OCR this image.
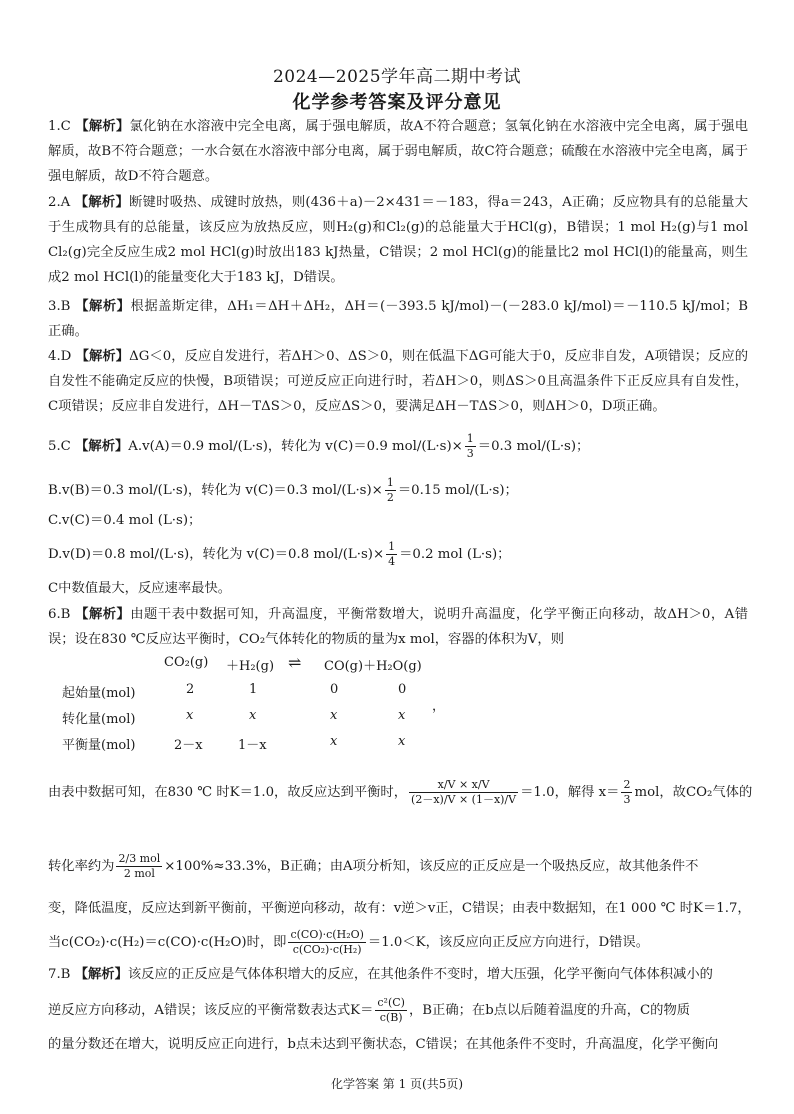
2024—2025学年高二期中考试
化学参考答案及评分意见
1.C 【解析】氯化钠在水溶液中完全电离，属于强电解质，故A不符合题意；氢氧化钠在水溶液中完全电离，属于强电解质，故B不符合题意；一水合氨在水溶液中部分电离，属于弱电解质，故C符合题意；硫酸在水溶液中完全电离，属于强电解质，故D不符合题意。
2.A 【解析】断键时吸热、成键时放热，则(436＋a)－2×431＝－183，得a＝243，A正确；反应物具有的总能量大于生成物具有的总能量，该反应为放热反应，则H₂(g)和Cl₂(g)的总能量大于HCl(g)，B错误；1 mol H₂(g)与1 mol Cl₂(g)完全反应生成2 mol HCl(g)时放出183 kJ热量，C错误；2 mol HCl(g)的能量比2 mol HCl(l)的能量高，则生成2 mol HCl(l)的能量变化大于183 kJ，D错误。
3.B 【解析】根据盖斯定律，ΔH₁＝ΔH＋ΔH₂，ΔH＝(－393.5 kJ/mol)－(－283.0 kJ/mol)＝－110.5 kJ/mol；B正确。
4.D 【解析】ΔG＜0，反应自发进行，若ΔH＞0、ΔS＞0，则在低温下ΔG可能大于0，反应非自发，A项错误；反应的自发性不能确定反应的快慢，B项错误；可逆反应正向进行时，若ΔH＞0，则ΔS＞0且高温条件下正反应具有自发性，C项错误；反应非自发进行，ΔH－TΔS＞0，反应ΔS＞0，要满足ΔH－TΔS＞0，则ΔH＞0，D项正确。
5.C 【解析】A.v(A)＝0.9 mol/(L·s)，转化为 v(C)＝0.9 $mol/(L\cdot s)\times \frac{1}{3} =0.3$ mol/(L·s)；
B.v(B)＝0.3 mol/(L·s)，转化为 v(C)＝0.3 $mol/(L\cdot s)\times \frac{1}{2} =0.15$ mol/(L·s)；
C.v(C)＝0.4 mol (L·s)；
D.v(D)＝0.8 mol/(L·s)，转化为 v(C)＝0.8 $mol/(L\cdot s)\times \frac{1}{4} =0.2$ mol (L·s)；
C中数值最大，反应速率最快。
6.B 【解析】由题干表中数据可知，升高温度，平衡常数增大，说明升高温度，化学平衡正向移动，故ΔH＞0，A错误；设在830 ℃反应达平衡时，CO₂气体转化的物质的量为x mol，容器的体积为V，则
CO₂(g) ＋H₂(g) ⇌ CO(g)＋H₂O(g)
起始量(mol)	2	1	0	0
转化量(mol)	x	x	x	x
平衡量(mol)	2－x	1－x	x	x
，
由表中数据可知，在830 ℃ 时K＝1.0，故反应达到平衡时， $\frac{x/V \times x/V}{(2-x)/V \times (1-x)/V} =1.0$，解得 $x= \frac{2}{3}$ mol，故CO₂气体的
转化率约为 $\frac{\text{2/3 mol}}{\text{2 mol}} \times 100\%\approx 33.3\%$，B正确；由A项分析知，该反应的正反应是一个吸热反应，故其他条件不
变，降低温度，反应达到新平衡前，平衡逆向移动，故有：v逆＞v正，C错误；由表中数据知，在1 000 ℃ 时K＝1.7，
当c(CO₂)·c(H₂)＝c(CO)·c(H₂O)时，即 $\frac{\text{c(CO)·c(H₂O)}}{\text{c(CO₂)·c(H₂)}} =1.0<K$，该反应向正反应方向进行，D错误。
7.B 【解析】该反应的正反应是气体体积增大的反应，在其他条件不变时，增大压强，化学平衡向气体体积减小的
逆反应方向移动，A错误；该反应的平衡常数表达式$K= \frac{\text{c²(C)}}{c(B)}$ ，B正确；在b点以后随着温度的升高，C的物质
的量分数还在增大，说明反应正向进行，b点未达到平衡状态，C错误；在其他条件不变时，升高温度，化学平衡向
化学答案 第 1 页(共5页)
